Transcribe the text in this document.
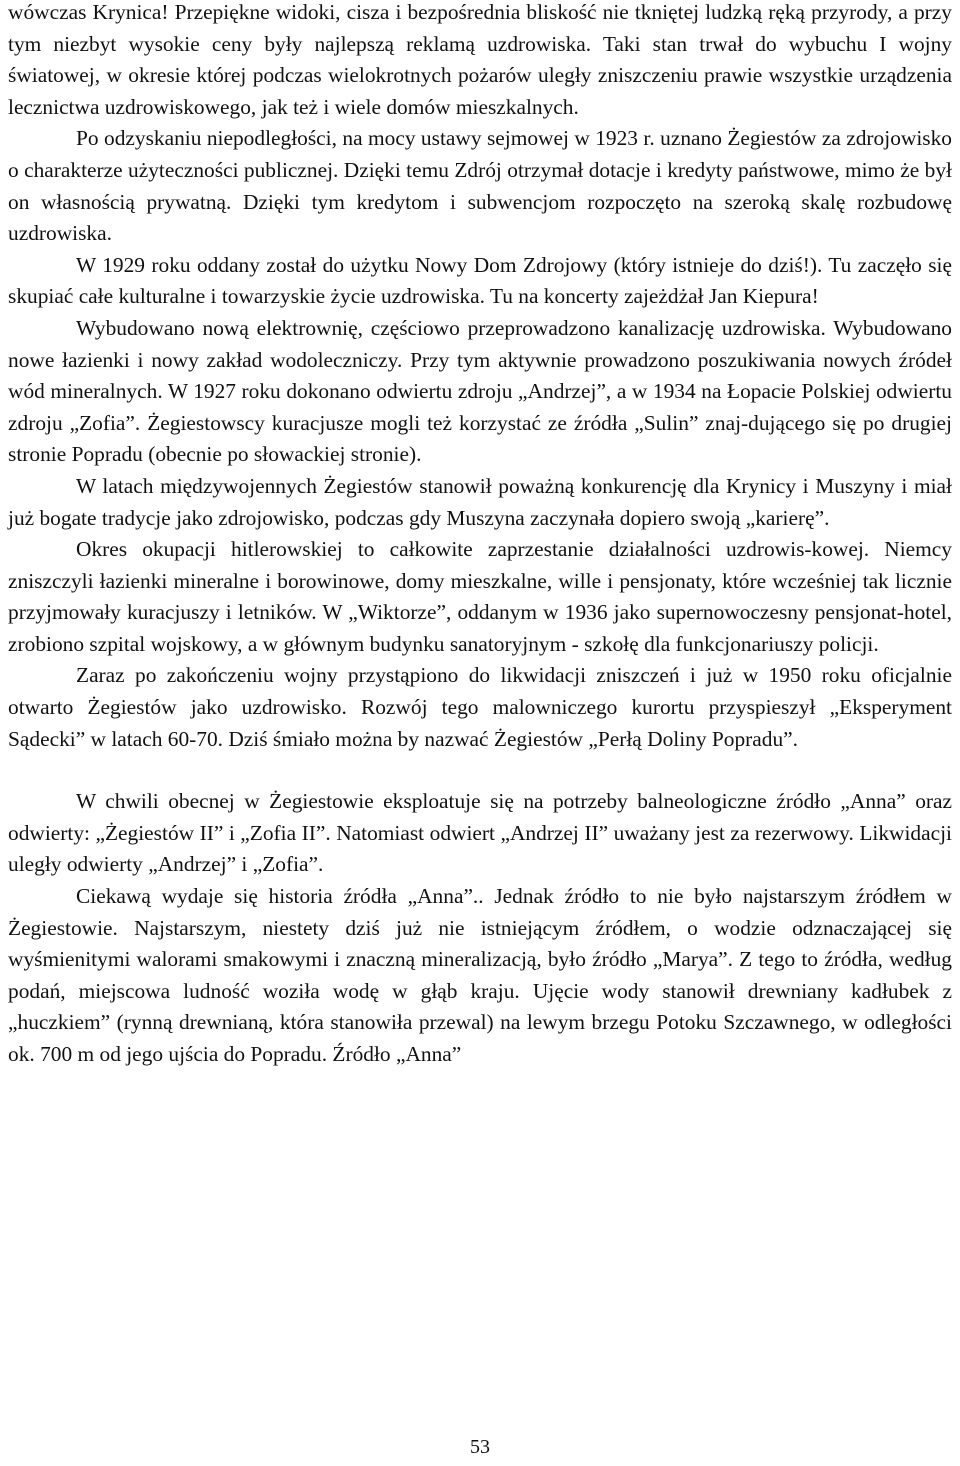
wówczas Krynica! Przepiękne widoki, cisza i bezpośrednia bliskość nie tkniętej ludzką ręką przyrody, a przy tym niezbyt wysokie ceny były najlepszą reklamą uzdrowiska. Taki stan trwał do wybuchu I wojny światowej, w okresie której podczas wielokrotnych pożarów uległy zniszczeniu prawie wszystkie urządzenia lecznictwa uzdrowiskowego, jak też i wiele domów mieszkalnych.

Po odzyskaniu niepodległości, na mocy ustawy sejmowej w 1923 r. uznano Żegiestów za zdrojowisko o charakterze użyteczności publicznej. Dzięki temu Zdrój otrzymał dotacje i kredyty państwowe, mimo że był on własnością prywatną. Dzięki tym kredytom i subwencjom rozpoczęto na szeroką skalę rozbudowę uzdrowiska.

W 1929 roku oddany został do użytku Nowy Dom Zdrojowy (który istnieje do dziś!). Tu zaczęło się skupiać całe kulturalne i towarzyskie życie uzdrowiska. Tu na koncerty zajeżdżał Jan Kiepura!

Wybudowano nową elektrownię, częściowo przeprowadzono kanalizację uzdrowiska. Wybudowano nowe łazienki i nowy zakład wodoleczniczy. Przy tym aktywnie prowadzono poszukiwania nowych źródeł wód mineralnych. W 1927 roku dokonano odwiertu zdroju „Andrzej”, a w 1934 na Łopacie Polskiej odwiertu zdroju „Zofia”. Żegiestowscy kuracjusze mogli też korzystać ze źródła „Sulin” znaj-dującego się po drugiej stronie Popradu (obecnie po słowackiej stronie).

W latach międzywojennych Żegiestów stanowił poważną konkurencję dla Krynicy i Muszyny i miał już bogate tradycje jako zdrojowisko, podczas gdy Muszyna zaczynała dopiero swoją „karierę”.

Okres okupacji hitlerowskiej to całkowite zaprzestanie działalności uzdrowis-kowej. Niemcy zniszczyli łazienki mineralne i borowinowe, domy mieszkalne, wille i pensjonaty, które wcześniej tak licznie przyjmowały kuracjuszy i letników. W „Wiktorze”, oddanym w 1936 jako supernowoczesny pensjonat-hotel, zrobiono szpital wojskowy, a w głównym budynku sanatoryjnym - szkołę dla funkcjonariuszy policji.

Zaraz po zakończeniu wojny przystąpiono do likwidacji zniszczeń i już w 1950 roku oficjalnie otwarto Żegiestów jako uzdrowisko. Rozwój tego malowniczego kurortu przyspieszył „Eksperyment Sądecki” w latach 60-70. Dziś śmiało można by nazwać Żegiestów „Perłą Doliny Popradu”.

W chwili obecnej w Żegiestowie eksploatuje się na potrzeby balneologiczne źródło „Anna” oraz odwierty: „Żegiestów II” i „Zofia II”. Natomiast odwiert „Andrzej II” uważany jest za rezerwowy. Likwidacji uległy odwierty „Andrzej” i „Zofia”.

Ciekawą wydaje się historia źródła „Anna”.. Jednak źródło to nie było najstarszym źródłem w Żegiestowie. Najstarszym, niestety dziś już nie istniejącym źródłem, o wodzie odznaczającej się wyśmienitymi walorami smakowymi i znaczną mineralizacją, było źródło „Marya”. Z tego to źródła, według podań, miejscowa ludność woziła wodę w głąb kraju. Ujęcie wody stanowił drewniany kadłubek z „huczkiem” (rynną drewnianą, która stanowiła przewal) na lewym brzegu Potoku Szczawnego, w odległości ok. 700 m od jego ujścia do Popradu. Źródło „Anna”

53
